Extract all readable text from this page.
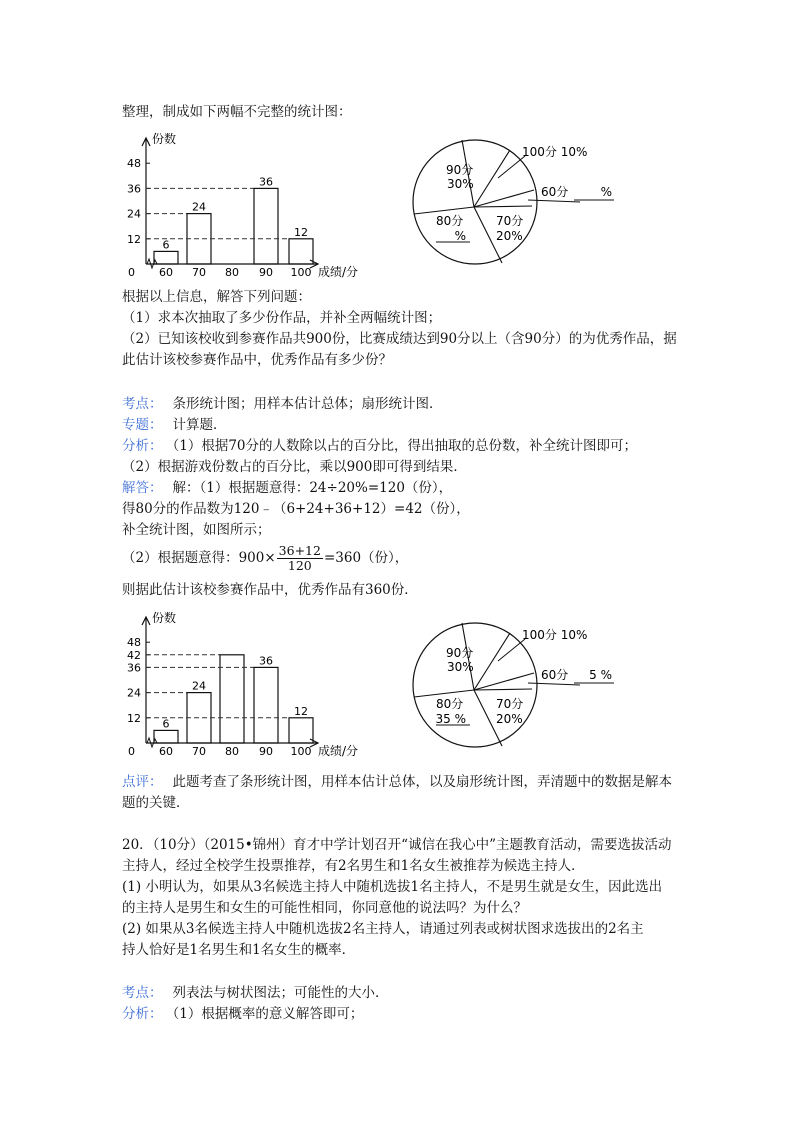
整理，制成如下两幅不完整的统计图：
份数
成绩/分
0
12
24
36
48
6
24
36
12
60 70 80 90 100
100分 10%
90分
30%
60分	%
80分
%
70分
20%
根据以上信息，解答下列问题：
（1）求本次抽取了多少份作品，并补全两幅统计图；
（2）已知该校收到参赛作品共900份，比赛成绩达到90分以上（含90分）的为优秀作品，据
此估计该校参赛作品中，优秀作品有多少份？
考点： 条形统计图；用样本估计总体；扇形统计图．
专题： 计算题．
分析： （1）根据70分的人数除以占的百分比，得出抽取的总份数，补全统计图即可；
（2）根据游戏份数占的百分比，乘以900即可得到结果．
解答： 解：（1）根据题意得：24÷20%=120（份），
得80分的作品数为120﹣（6+24+36+12）=42（份），
补全统计图，如图所示；
（2）根据题意得：$900\times \frac{36+12}{120} =360$（份），
则据此估计该校参赛作品中，优秀作品有360份．
份数
成绩/分
0
12
24
36
42
48
6
24
36
12
60 70 80 90 100
100分 10%
90分
30%
60分 5 %
80分
35 %
70分
20%
点评： 此题考查了条形统计图，用样本估计总体，以及扇形统计图，弄清题中的数据是解本
题的关键．
20．（10分）（2015•锦州）育才中学计划召开“诚信在我心中”主题教育活动，需要选拔活动
主持人，经过全校学生投票推荐，有2名男生和1名女生被推荐为候选主持人．
(1) 小明认为，如果从3名候选主持人中随机选拔1名主持人，不是男生就是女生，因此选出
的主持人是男生和女生的可能性相同，你同意他的说法吗？为什么？
(2) 如果从3名候选主持人中随机选拔2名主持人，请通过列表或树状图求选拔出的2名主
持人恰好是1名男生和1名女生的概率．
考点： 列表法与树状图法；可能性的大小．
分析： （1）根据概率的意义解答即可；
